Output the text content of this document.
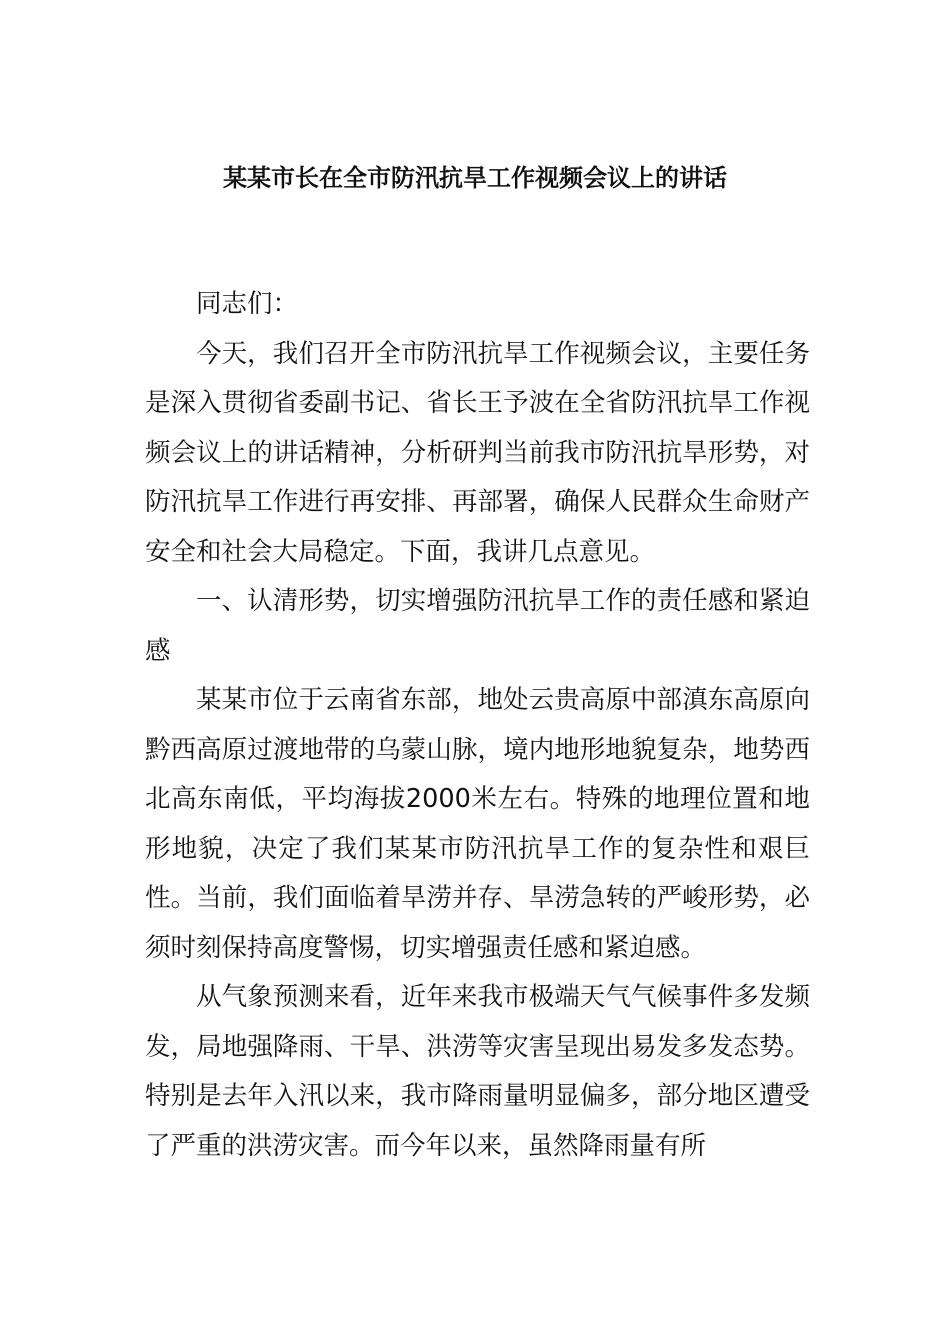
某某市长在全市防汛抗旱工作视频会议上的讲话

同志们：

今天，我们召开全市防汛抗旱工作视频会议，主要任务是深入贯彻省委副书记、省长王予波在全省防汛抗旱工作视频会议上的讲话精神，分析研判当前我市防汛抗旱形势，对防汛抗旱工作进行再安排、再部署，确保人民群众生命财产安全和社会大局稳定。下面，我讲几点意见。

一、认清形势，切实增强防汛抗旱工作的责任感和紧迫感

某某市位于云南省东部，地处云贵高原中部滇东高原向黔西高原过渡地带的乌蒙山脉，境内地形地貌复杂，地势西北高东南低，平均海拔2000米左右。特殊的地理位置和地形地貌，决定了我们某某市防汛抗旱工作的复杂性和艰巨性。当前，我们面临着旱涝并存、旱涝急转的严峻形势，必须时刻保持高度警惕，切实增强责任感和紧迫感。

从气象预测来看，近年来我市极端天气气候事件多发频发，局地强降雨、干旱、洪涝等灾害呈现出易发多发态势。特别是去年入汛以来，我市降雨量明显偏多，部分地区遭受了严重的洪涝灾害。而今年以来，虽然降雨量有所
